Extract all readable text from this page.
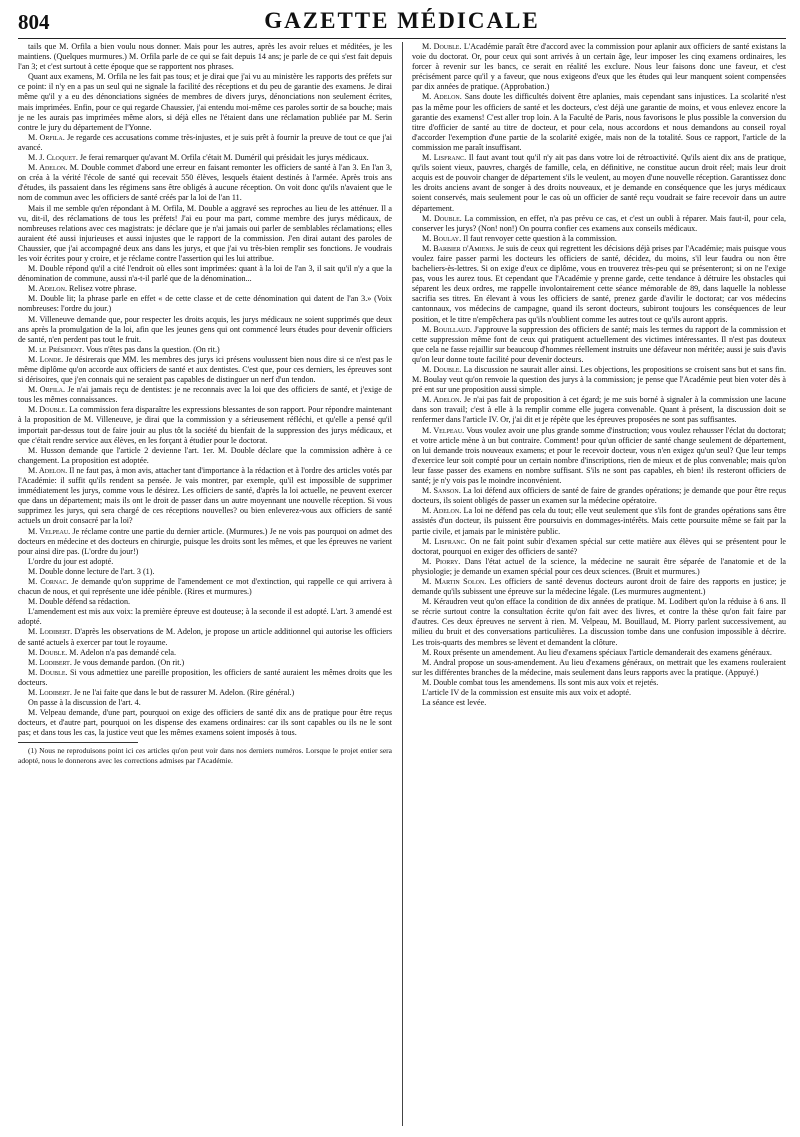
804	GAZETTE MÉDICALE

tails que M. Orfila a bien voulu nous donner. Mais pour les autres, après les avoir relues et méditées, je les maintiens. (Quelques murmures.) M. Orfila parle de ce qui se fait depuis 14 ans; je parle de ce qui s'est fait depuis l'an 3; et c'est surtout à cette époque que se rapportent nos phrases.

Quant aux examens, M. Orfila ne les fait pas tous; et je dirai que j'ai vu au ministère les rapports des préfets sur ce point: il n'y en a pas un seul qui ne signale la facilité des réceptions et du peu de garantie des examens. Je dirai même qu'il y a eu des dénonciations signées de membres de divers jurys, dénonciations non seulement écrites, mais imprimées. Enfin, pour ce qui regarde Chaussier, j'ai entendu moi-même ces paroles sortir de sa bouche; mais je ne les aurais pas imprimées même alors, si déjà elles ne l'étaient dans une réclamation publiée par M. Serin contre le jury du département de l'Yonne.

M. Orfila. Je regarde ces accusations comme très-injustes, et je suis prêt à fournir la preuve de tout ce que j'ai avancé.

M. J. Cloquet. Je ferai remarquer qu'avant M. Orfila c'était M. Duméril qui présidait les jurys médicaux.

M. Adelon. M. Double commet d'abord une erreur en faisant remonter les officiers de santé à l'an 3. En l'an 3, on créa à la vérité l'école de santé qui recevait 550 élèves, lesquels étaient destinés à l'armée. Après trois ans d'études, ils passaient dans les régimens sans être obligés à aucune réception. On voit donc qu'ils n'avaient que le nom de commun avec les officiers de santé créés par la loi de l'an 11.

Mais il me semble qu'en répondant à M. Orfila, M. Double a aggravé ses reproches au lieu de les atténuer. Il a vu, dit-il, des réclamations de tous les préfets! J'ai eu pour ma part, comme membre des jurys médicaux, de nombreuses relations avec ces magistrats: je déclare que je n'ai jamais oui parler de semblables réclamations; elles auraient été aussi injurieuses et aussi injustes que le rapport de la commission. J'en dirai autant des paroles de Chaussier, que j'ai accompagné deux ans dans les jurys, et que j'ai vu très-bien remplir ses fonctions. Je voudrais les voir écrites pour y croire, et je réclame contre l'assertion qui les lui attribue.

M. Double répond qu'il a cité l'endroit où elles sont imprimées: quant à la loi de l'an 3, il sait qu'il n'y a que la dénomination de commune, aussi n'a-t-il parlé que de la dénomination...

M. Adelon. Relisez votre phrase.

M. Double lit; la phrase parle en effet « de cette classe et de cette dénomination qui datent de l'an 3.» (Voix nombreuses: l'ordre du jour.)

M. Villeneuve demande que, pour respecter les droits acquis, les jurys médicaux ne soient supprimés que deux ans après la promulgation de la loi, afin que les jeunes gens qui ont commencé leurs études pour devenir officiers de santé, n'en perdent pas tout le fruit.

M. le Président. Vous n'êtes pas dans la question. (On rit.)

M. Londe. Je désirerais que MM. les membres des jurys ici présens voulussent bien nous dire si ce n'est pas le même diplôme qu'on accorde aux officiers de santé et aux dentistes. C'est que, pour ces derniers, les épreuves sont si dérisoires, que j'en connais qui ne seraient pas capables de distinguer un nerf d'un tendon.

M. Orfila. Je n'ai jamais reçu de dentistes: je ne reconnais avec la loi que des officiers de santé, et j'exige de tous les mêmes connaissances.

M. Double. La commission fera disparaître les expressions blessantes de son rapport. Pour répondre maintenant à la proposition de M. Villeneuve, je dirai que la commission y a sérieusement réfléchi, et qu'elle a pensé qu'il importait par-dessus tout de faire jouir au plus tôt la société du bienfait de la suppression des jurys médicaux, et que c'était rendre service aux élèves, en les forçant à étudier pour le doctorat.

M. Husson demande que l'article 2 devienne l'art. 1er. M. Double déclare que la commission adhère à ce changement. La proposition est adoptée.

M. Adelon. Il ne faut pas, à mon avis, attacher tant d'importance à la rédaction et à l'ordre des articles votés par l'Académie: il suffit qu'ils rendent sa pensée. Je vais montrer, par exemple, qu'il est impossible de supprimer immédiatement les jurys, comme vous le désirez. Les officiers de santé, d'après la loi actuelle, ne peuvent exercer que dans un département; mais ils ont le droit de passer dans un autre moyennant une nouvelle réception. Si vous supprimez les jurys, qui sera chargé de ces réceptions nouvelles? ou bien enleverez-vous aux officiers de santé actuels un droit consacré par la loi?

M. Velpeau. Je réclame contre une partie du dernier article. (Murmures.) Je ne vois pas pourquoi on admet des docteurs en médecine et des docteurs en chirurgie, puisque les droits sont les mêmes, et que les épreuves ne varient pour ainsi dire pas. (L'ordre du jour!)

L'ordre du jour est adopté.

M. Double donne lecture de l'art. 3 (1).

M. Cornac. Je demande qu'on supprime de l'amendement ce mot d'extinction, qui rappelle ce qui arrivera à chacun de nous, et qui représente une idée pénible. (Rires et murmures.)

M. Double défend sa rédaction.

L'amendement est mis aux voix: la première épreuve est douteuse; à la seconde il est adopté. L'art. 3 amendé est adopté.

M. Lodibert. D'après les observations de M. Adelon, je propose un article additionnel qui autorise les officiers de santé actuels à exercer par tout le royaume.

M. Double. M. Adelon n'a pas demandé cela.

M. Lodibert. Je vous demande pardon. (On rit.)

M. Double. Si vous admettiez une pareille proposition, les officiers de santé auraient les mêmes droits que les docteurs.

M. Lodibert. Je ne l'ai faite que dans le but de rassurer M. Adelon. (Rire général.)

On passe à la discussion de l'art. 4.

M. Velpeau demande, d'une part, pourquoi on exige des officiers de santé dix ans de pratique pour être reçus docteurs, et d'autre part, pourquoi on les dispense des examens ordinaires: car ils sont capables ou ils ne le sont pas; et dans tous les cas, la justice veut que les mêmes examens soient imposés à tous.

(1) Nous ne reproduisons point ici ces articles qu'on peut voir dans nos derniers numéros. Lorsque le projet entier sera adopté, nous le donnerons avec les corrections admises par l'Académie.

M. Double. L'Académie paraît être d'accord avec la commission pour aplanir aux officiers de santé existans la voie du doctorat. Or, pour ceux qui sont arrivés à un certain âge, leur imposer les cinq examens ordinaires, les forcer à revenir sur les bancs, ce serait en réalité les exclure. Nous leur faisons donc une faveur, et c'est précisément parce qu'il y a faveur, que nous exigeons d'eux que les études qui leur manquent soient compensées par dix années de pratique. (Approbation.)

M. Adelon. Sans doute les difficultés doivent être aplanies, mais cependant sans injustices. La scolarité n'est pas la même pour les officiers de santé et les docteurs, c'est déjà une garantie de moins, et vous enlevez encore la garantie des examens! C'est aller trop loin. A la Faculté de Paris, nous favorisons le plus possible la conversion du titre d'officier de santé au titre de docteur, et pour cela, nous accordons et nous demandons au conseil royal d'accorder l'exemption d'une partie de la scolarité exigée, mais non de la totalité. Sous ce rapport, l'article de la commission me paraît insuffisant.

M. Lisfranc. Il faut avant tout qu'il n'y ait pas dans votre loi de rétroactivité. Qu'ils aient dix ans de pratique, qu'ils soient vieux, pauvres, chargés de famille, cela, en définitive, ne constitue aucun droit réel; mais leur droit acquis est de pouvoir changer de département s'ils le veulent, au moyen d'une nouvelle réception. Garantissez donc les droits anciens avant de songer à des droits nouveaux, et je demande en conséquence que les jurys médicaux soient conservés, mais seulement pour le cas où un officier de santé reçu voudrait se faire recevoir dans un autre département.

M. Double. La commission, en effet, n'a pas prévu ce cas, et c'est un oubli à réparer. Mais faut-il, pour cela, conserver les jurys? (Non! non!) On pourra confier ces examens aux conseils médicaux.

M. Boulay. Il faut renvoyer cette question à la commission.

M. Barbier d'Amiens. Je suis de ceux qui regrettent les décisions déjà prises par l'Académie; mais puisque vous voulez faire passer parmi les docteurs les officiers de santé, décidez, du moins, s'il leur faudra ou non être bacheliers-ès-lettres. Si on exige d'eux ce diplôme, vous en trouverez très-peu qui se présenteront; si on ne l'exige pas, vous les aurez tous. Et cependant que l'Académie y prenne garde, cette tendance à détruire les obstacles qui séparent les deux ordres, me rappelle involontairement cette séance mémorable de 89, dans laquelle la noblesse sacrifia ses titres. En élevant à vous les officiers de santé, prenez garde d'avilir le doctorat; car vos médecins cantonnaux, vos médecins de campagne, quand ils seront docteurs, subiront toujours les conséquences de leur position, et le titre n'empêchera pas qu'ils n'oublient comme les autres tout ce qu'ils auront appris.

M. Bouillaud. J'approuve la suppression des officiers de santé; mais les termes du rapport de la commission et cette suppression même font de ceux qui pratiquent actuellement des victimes intéressantes. Il n'est pas douteux que cela ne fasse rejaillir sur beaucoup d'hommes réellement instruits une défaveur non méritée; aussi je suis d'avis qu'on leur donne toute facilité pour devenir docteurs.

M. Double. La discussion ne saurait aller ainsi. Les objections, les propositions se croisent sans but et sans fin. M. Boulay veut qu'on renvoie la question des jurys à la commission; je pense que l'Académie peut bien voter dès à pré ent sur une proposition aussi simple.

M. Adelon. Je n'ai pas fait de proposition à cet égard; je me suis borné à signaler à la commission une lacune dans son travail; c'est à elle à la remplir comme elle jugera convenable. Quant à présent, la discussion doit se renfermer dans l'article IV. Or, j'ai dit et je répète que les épreuves proposées ne sont pas suffisantes.

M. Velpeau. Vous voulez avoir une plus grande somme d'instruction; vous voulez rehausser l'éclat du doctorat; et votre article mène à un but contraire. Comment! pour qu'un officier de santé change seulement de département, on lui demande trois nouveaux examens; et pour le recevoir docteur, vous n'en exigez qu'un seul? Que leur temps d'exercice leur soit compté pour un certain nombre d'inscriptions, rien de mieux et de plus convenable; mais qu'on leur fasse passer des examens en nombre suffisant. S'ils ne sont pas capables, eh bien! ils resteront officiers de santé; je n'y vois pas le moindre inconvénient.

M. Sanson. La loi défend aux officiers de santé de faire de grandes opérations; je demande que pour être reçus docteurs, ils soient obligés de passer un examen sur la médecine opératoire.

M. Adelon. La loi ne défend pas cela du tout; elle veut seulement que s'ils font de grandes opérations sans être assistés d'un docteur, ils puissent être poursuivis en dommages-intérêts. Mais cette poursuite même se fait par la partie civile, et jamais par le ministère public.

M. Lisfranc. On ne fait point subir d'examen spécial sur cette matière aux élèves qui se présentent pour le doctorat, pourquoi en exiger des officiers de santé?

M. Piorry. Dans l'état actuel de la science, la médecine ne saurait être séparée de l'anatomie et de la physiologie; je demande un examen spécial pour ces deux sciences. (Bruit et murmures.)

M. Martin Solon. Les officiers de santé devenus docteurs auront droit de faire des rapports en justice; je demande qu'ils subissent une épreuve sur la médecine légale. (Les murmures augmentent.)

M. Kéraudren veut qu'on efface la condition de dix années de pratique. M. Lodibert qu'on la réduise à 6 ans. Il se récrie surtout contre la consultation écrite qu'on fait avec des livres, et contre la thèse qu'on fait faire par d'autres. Ces deux épreuves ne servent à rien. M. Velpeau, M. Bouillaud, M. Piorry parlent successivement, au milieu du bruit et des conversations particulières. La discussion tombe dans une confusion impossible à décrire. Les trois-quarts des membres se lèvent et demandent la clôture.

M. Roux présente un amendement. Au lieu d'examens spéciaux l'article demanderait des examens généraux.

M. Andral propose un sous-amendement. Au lieu d'examens généraux, on mettrait que les examens rouleraient sur les différentes branches de la médecine, mais seulement dans leurs rapports avec la pratique. (Appuyé.)

M. Double combat tous les amendemens. Ils sont mis aux voix et rejetés.

L'article IV de la commission est ensuite mis aux voix et adopté.

La séance est levée.
